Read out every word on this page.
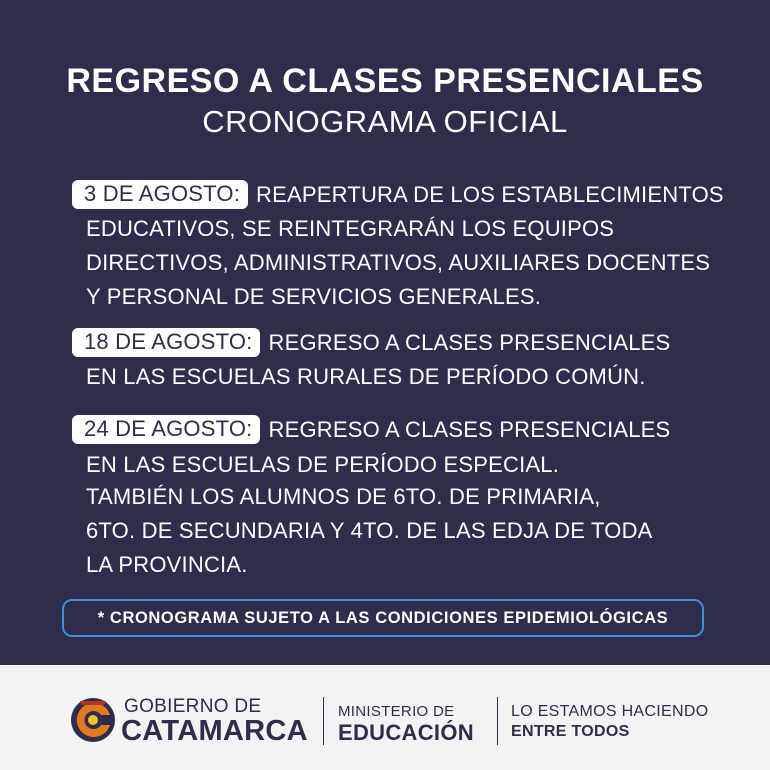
REGRESO A CLASES PRESENCIALES
CRONOGRAMA OFICIAL
3 DE AGOSTO: REAPERTURA DE LOS ESTABLECIMIENTOS
EDUCATIVOS, SE REINTEGRARÁN LOS EQUIPOS
DIRECTIVOS, ADMINISTRATIVOS, AUXILIARES DOCENTES
Y PERSONAL DE SERVICIOS GENERALES.
18 DE AGOSTO: REGRESO A CLASES PRESENCIALES
EN LAS ESCUELAS RURALES DE PERÍODO COMÚN.
24 DE AGOSTO: REGRESO A CLASES PRESENCIALES
EN LAS ESCUELAS DE PERÍODO ESPECIAL.
TAMBIÉN LOS ALUMNOS DE 6TO. DE PRIMARIA,
6TO. DE SECUNDARIA Y 4TO. DE LAS EDJA DE TODA
LA PROVINCIA.
* CRONOGRAMA SUJETO A LAS CONDICIONES EPIDEMIOLÓGICAS
GOBIERNO DE
CATAMARCA
MINISTERIO DE
EDUCACIÓN
LO ESTAMOS HACIENDO
ENTRE TODOS
